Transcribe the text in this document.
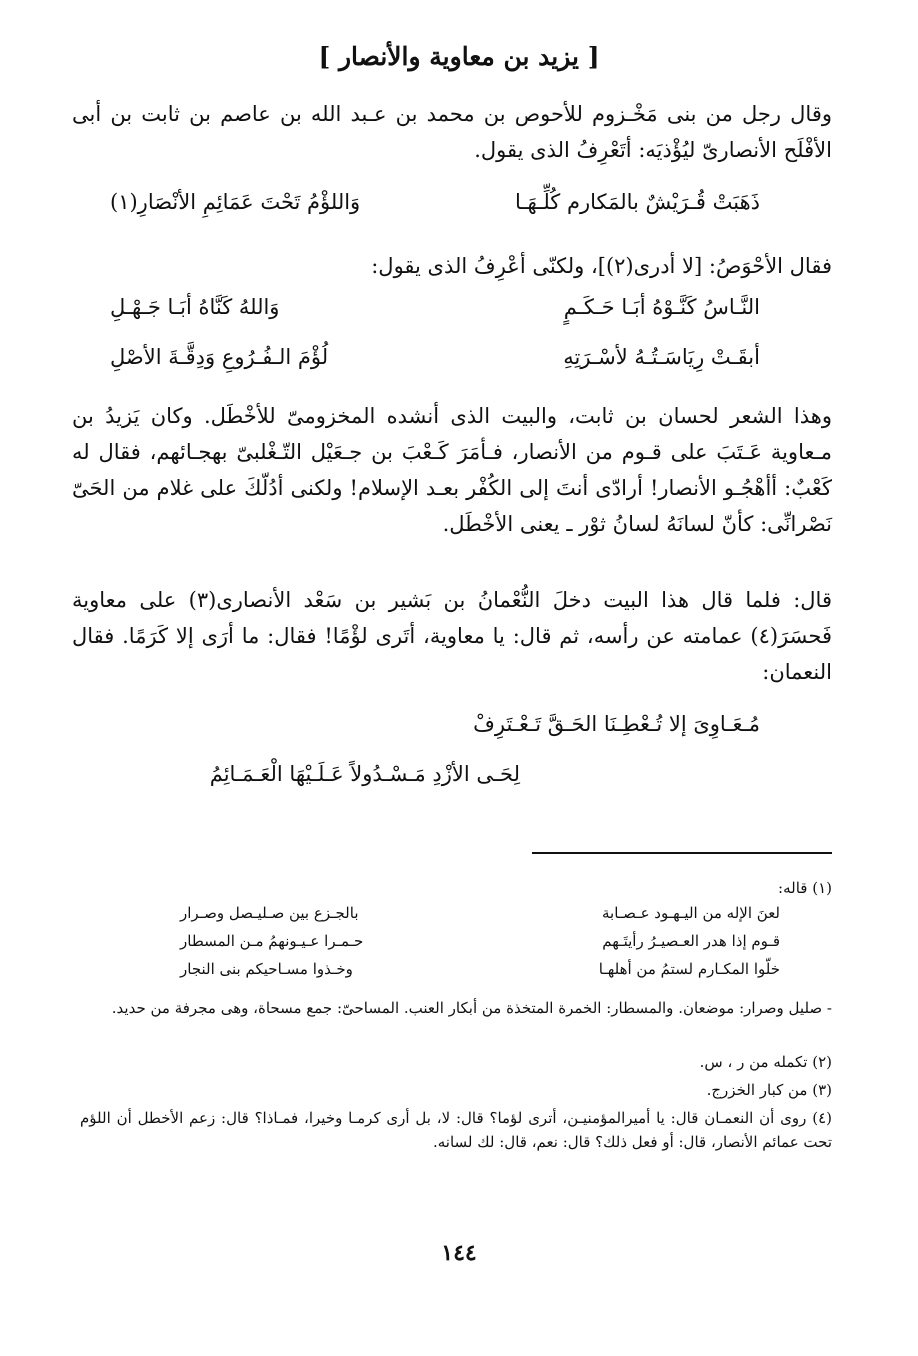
[ يزيد بن معاوية والأنصار ]
وقال رجل من بنى مَخْـزوم للأحوص بن محمد بن عـبد الله بن عاصم بن ثابت بن أبى الأفْلَح الأنصارىّ ليُؤْذيَه: أتَعْرِفُ الذى يقول.
ذَهَبَتْ قُـرَيْشٌ بالمَكارم كُلِّـهَـا
وَاللؤْمُ تَحْتَ عَمَائِمِ الأنْصَارِ(١)
فقال الأحْوَصُ: [لا أدرى(٢)]، ولكنّى أعْرِفُ الذى يقول:
النَّـاسُ كَنَّـوْهُ أبَـا حَـكَـمٍ
وَاللهُ كَنَّاهُ أبَـا جَـهْـلِ
أبقَـتْ رِيَاسَـتُـهُ لأسْـرَتِهِ
لُؤْمَ الـفُـرُوعِ وَدِقَّـةَ الأصْلِ
وهذا الشعر لحسان بن ثابت، والبيت الذى أنشده المخزومىّ للأخْطَل. وكان يَزيدُ بن مـعاوية عَـتَبَ على قـوم من الأنصار، فـأمَرَ كَـعْبَ بن جـعَيْل التّـغْلبىّ بهجـائهم، فقال له كَعْبٌ: أأهْجُـو الأنصار! أرادّى أنتَ إلى الكُفْر بعـد الإسلام! ولكنى أدُلّكَ على غلام من الحَىّ نَصْرانِّى: كأنّ لسانَهُ لسانُ ثوْر ـ يعنى الأخْطَل.
قال: فلما قال هذا البيت دخلَ النُّعْمانُ بن بَشير بن سَعْد الأنصارى(٣) على معاوية فَحسَرَ(٤) عمامته عن رأسه، ثم قال: يا معاوية، أتَرى لؤْمًا! فقال: ما أرَى إلا كَرَمًا. فقال النعمان:
مُـعَـاوِىَ إلا تُـعْطِـنَا الحَـقَّ تَـعْـتَرِفْ
لِحَـى الأزْدِ مَـسْـدُولاً عَـلَـيْهَا الْعَـمَـائِمُ
(١) قاله:
لعنَ الإله من اليـهـود عـصـابة
بالجـزع بين صـليـصل وصـرار
قـوم إذا هدر العـصيـرُ رأيتَـهم
حـمـرا عـيـونهمُ مـن المسطار
خلّوا المكـارم لستمُ من أهلهـا
وخـذوا مسـاحيكم بنى النجار
- صليل وصرار: موضعان. والمسطار: الخمرة المتخذة من أبكار العنب. المساحىّ: جمع مسحاة، وهى مجرفة من حديد.
(٢) تكمله من ر ، س.
(٣) من كبار الخزرج.
(٤) روى أن النعمـان قال: يا أميرالمؤمنيـن، أترى لؤما؟ قال: لا، بل أرى كرمـا وخيرا، فمـاذا؟ قال: زعم الأخطل أن اللؤم تحت عمائم الأنصار، قال: أو فعل ذلك؟ قال: نعم، قال: لك لسانه.
١٤٤
